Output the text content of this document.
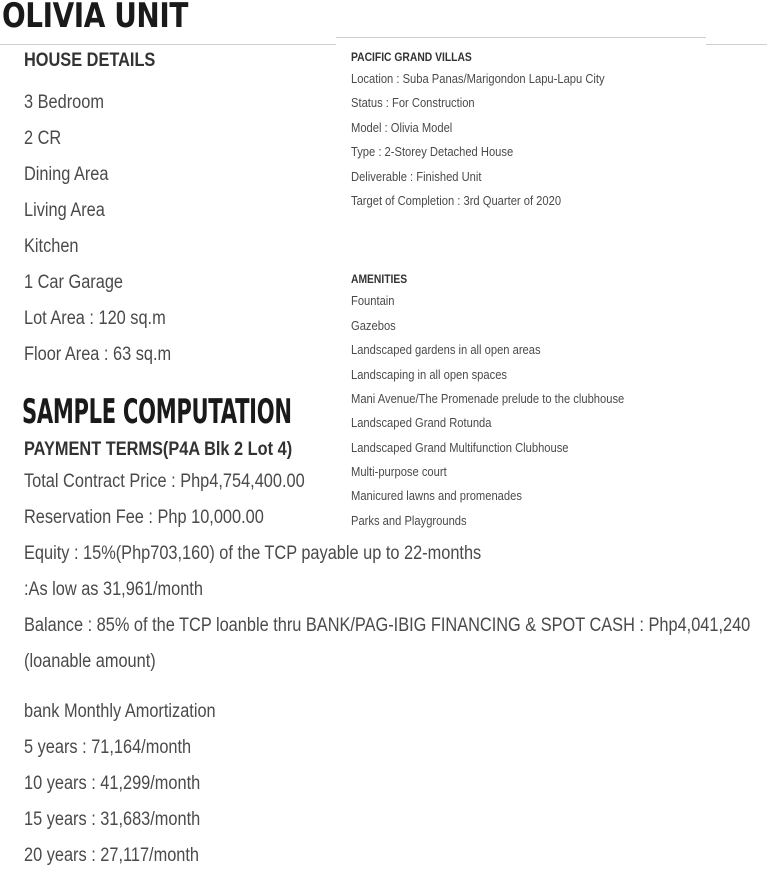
OLIVIA UNIT
HOUSE DETAILS
3 Bedroom
2 CR
Dining Area
Living Area
Kitchen
1 Car Garage
Lot Area : 120 sq.m
Floor Area : 63 sq.m
PACIFIC GRAND VILLAS
Location : Suba Panas/Marigondon Lapu-Lapu City
Status : For Construction
Model : Olivia Model
Type : 2-Storey Detached House
Deliverable : Finished Unit
Target of Completion : 3rd Quarter of 2020
AMENITIES
Fountain
Gazebos
Landscaped gardens in all open areas
Landscaping in all open spaces
Mani Avenue/The Promenade prelude to the clubhouse
Landscaped Grand Rotunda
Landscaped Grand Multifunction Clubhouse
Multi-purpose court
Manicured lawns and promenades
Parks and Playgrounds
SAMPLE COMPUTATION
PAYMENT TERMS(P4A Blk 2 Lot 4)
Total Contract Price : Php4,754,400.00
Reservation Fee : Php 10,000.00
Equity : 15%(Php703,160) of the TCP payable up to 22-months
:As low as 31,961/month
Balance : 85% of the TCP loanble thru BANK/PAG-IBIG FINANCING & SPOT CASH : Php4,041,240
(loanable amount)
bank Monthly Amortization
5 years : 71,164/month
10 years : 41,299/month
15 years : 31,683/month
20 years : 27,117/month
